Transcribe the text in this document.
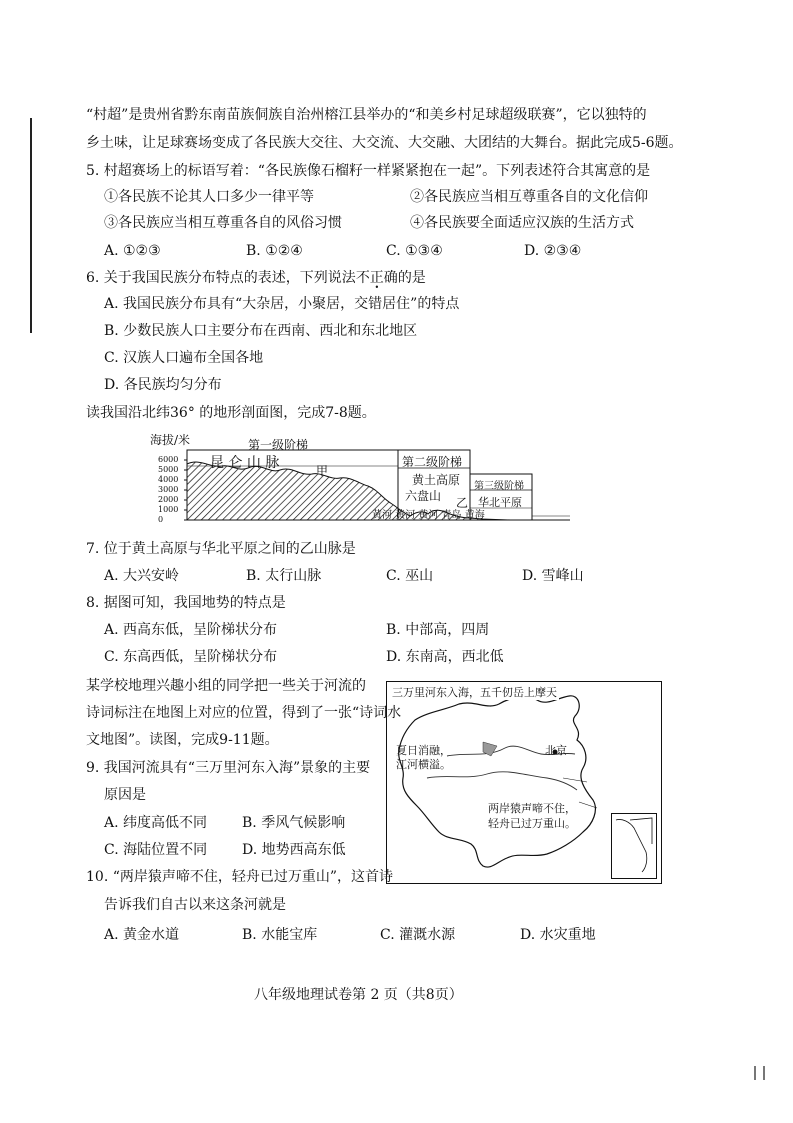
“村超”是贵州省黔东南苗族侗族自治州榕江县举办的“和美乡村足球超级联赛”，它以独特的
乡土味，让足球赛场变成了各民族大交往、大交流、大交融、大团结的大舞台。据此完成5-6题。
5. 村超赛场上的标语写着：“各民族像石榴籽一样紧紧抱在一起”。下列表述符合其寓意的是
①各民族不论其人口多少一律平等	②各民族应当相互尊重各自的文化信仰
③各民族应当相互尊重各自的风俗习惯	④各民族要全面适应汉族的生活方式
A. ①②③	B. ①②④	C. ①③④	D. ②③④
6. 关于我国民族分布特点的表述，下列说法不正确的是
A. 我国民族分布具有“大杂居，小聚居，交错居住”的特点
B. 少数民族人口主要分布在西南、西北和东北地区
C. 汉族人口遍布全国各地
D. 各民族均匀分布
读我国沿北纬36° 的地形剖面图，完成7-8题。
海拔/米
6000
5000
4000
3000
2000
1000
0
第一级阶梯
第二级阶梯
第三级阶梯
昆 仑 山 脉	甲
黄土高原
六盘山 乙 华北平原
黄河 黄河 黄河 青岛 黄海
7. 位于黄土高原与华北平原之间的乙山脉是
A. 大兴安岭	B. 太行山脉	C. 巫山	D. 雪峰山
8. 据图可知，我国地势的特点是
A. 西高东低，呈阶梯状分布	B. 中部高，四周
C. 东高西低，呈阶梯状分布	D. 东南高，西北低
某学校地理兴趣小组的同学把一些关于河流的
诗词标注在地图上对应的位置，得到了一张“诗词水
文地图”。读图，完成9-11题。
三万里河东入海，五千仞岳上摩天
夏日消融，
江河横溢。
北京
两岸猿声啼不住，
轻舟已过万重山。
9. 我国河流具有“三万里河东入海”景象的主要
原因是
A. 纬度高低不同 B. 季风气候影响
C. 海陆位置不同 D. 地势西高东低
10. “两岸猿声啼不住，轻舟已过万重山”，这首诗
告诉我们自古以来这条河就是
A. 黄金水道	B. 水能宝库	C. 灌溉水源	D. 水灾重地
八年级地理试卷第 2 页（共8页）
